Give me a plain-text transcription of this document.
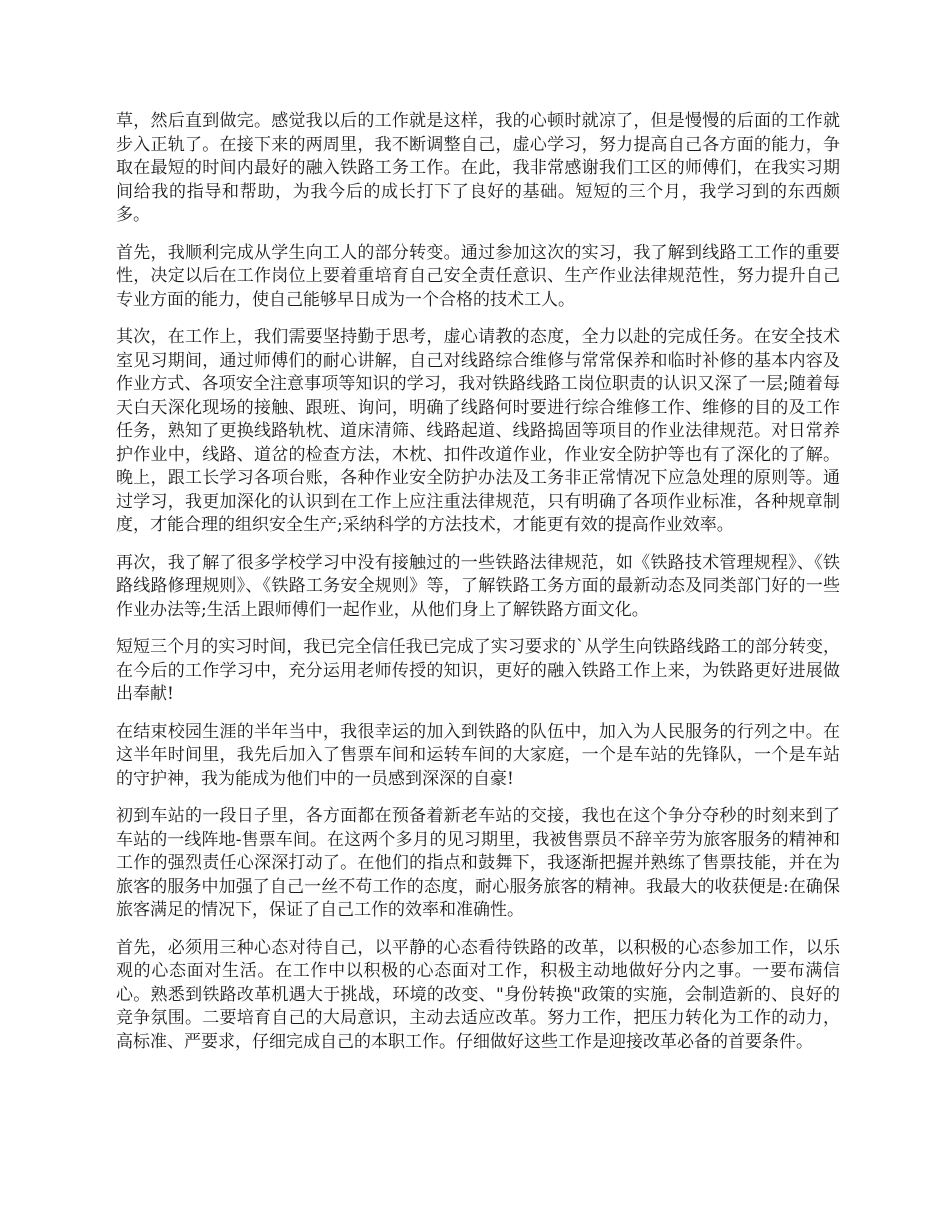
草，然后直到做完。感觉我以后的工作就是这样，我的心顿时就凉了，但是慢慢的后面的工作就步入正轨了。在接下来的两周里，我不断调整自己，虚心学习，努力提高自己各方面的能力，争取在最短的时间内最好的融入铁路工务工作。在此，我非常感谢我们工区的师傅们，在我实习期间给我的指导和帮助，为我今后的成长打下了良好的基础。短短的三个月，我学习到的东西颇多。

首先，我顺利完成从学生向工人的部分转变。通过参加这次的实习，我了解到线路工工作的重要性，决定以后在工作岗位上要着重培育自己安全责任意识、生产作业法律规范性，努力提升自己专业方面的能力，使自己能够早日成为一个合格的技术工人。

其次，在工作上，我们需要坚持勤于思考，虚心请教的态度，全力以赴的完成任务。在安全技术室见习期间，通过师傅们的耐心讲解，自己对线路综合维修与常常保养和临时补修的基本内容及作业方式、各项安全注意事项等知识的学习，我对铁路线路工岗位职责的认识又深了一层;随着每天白天深化现场的接触、跟班、询问，明确了线路何时要进行综合维修工作、维修的目的及工作任务，熟知了更换线路轨枕、道床清筛、线路起道、线路捣固等项目的作业法律规范。对日常养护作业中，线路、道岔的检查方法，木枕、扣件改道作业，作业安全防护等也有了深化的了解。晚上，跟工长学习各项台账，各种作业安全防护办法及工务非正常情况下应急处理的原则等。通过学习，我更加深化的认识到在工作上应注重法律规范，只有明确了各项作业标准，各种规章制度，才能合理的组织安全生产;采纳科学的方法技术，才能更有效的提高作业效率。

再次，我了解了很多学校学习中没有接触过的一些铁路法律规范，如《铁路技术管理规程》、《铁路线路修理规则》、《铁路工务安全规则》等，了解铁路工务方面的最新动态及同类部门好的一些作业办法等;生活上跟师傅们一起作业，从他们身上了解铁路方面文化。

短短三个月的实习时间，我已完全信任我已完成了实习要求的`从学生向铁路线路工的部分转变，在今后的工作学习中，充分运用老师传授的知识，更好的融入铁路工作上来，为铁路更好进展做出奉献!

在结束校园生涯的半年当中，我很幸运的加入到铁路的队伍中，加入为人民服务的行列之中。在这半年时间里，我先后加入了售票车间和运转车间的大家庭，一个是车站的先锋队，一个是车站的守护神，我为能成为他们中的一员感到深深的自豪!

初到车站的一段日子里，各方面都在预备着新老车站的交接，我也在这个争分夺秒的时刻来到了车站的一线阵地-售票车间。在这两个多月的见习期里，我被售票员不辞辛劳为旅客服务的精神和工作的强烈责任心深深打动了。在他们的指点和鼓舞下，我逐渐把握并熟练了售票技能，并在为旅客的服务中加强了自己一丝不苟工作的态度，耐心服务旅客的精神。我最大的收获便是:在确保旅客满足的情况下，保证了自己工作的效率和准确性。

首先，必须用三种心态对待自己，以平静的心态看待铁路的改革，以积极的心态参加工作，以乐观的心态面对生活。在工作中以积极的心态面对工作，积极主动地做好分内之事。一要布满信心。熟悉到铁路改革机遇大于挑战，环境的改变、"身份转换"政策的实施，会制造新的、良好的竞争氛围。二要培育自己的大局意识，主动去适应改革。努力工作，把压力转化为工作的动力，高标准、严要求，仔细完成自己的本职工作。仔细做好这些工作是迎接改革必备的首要条件。
